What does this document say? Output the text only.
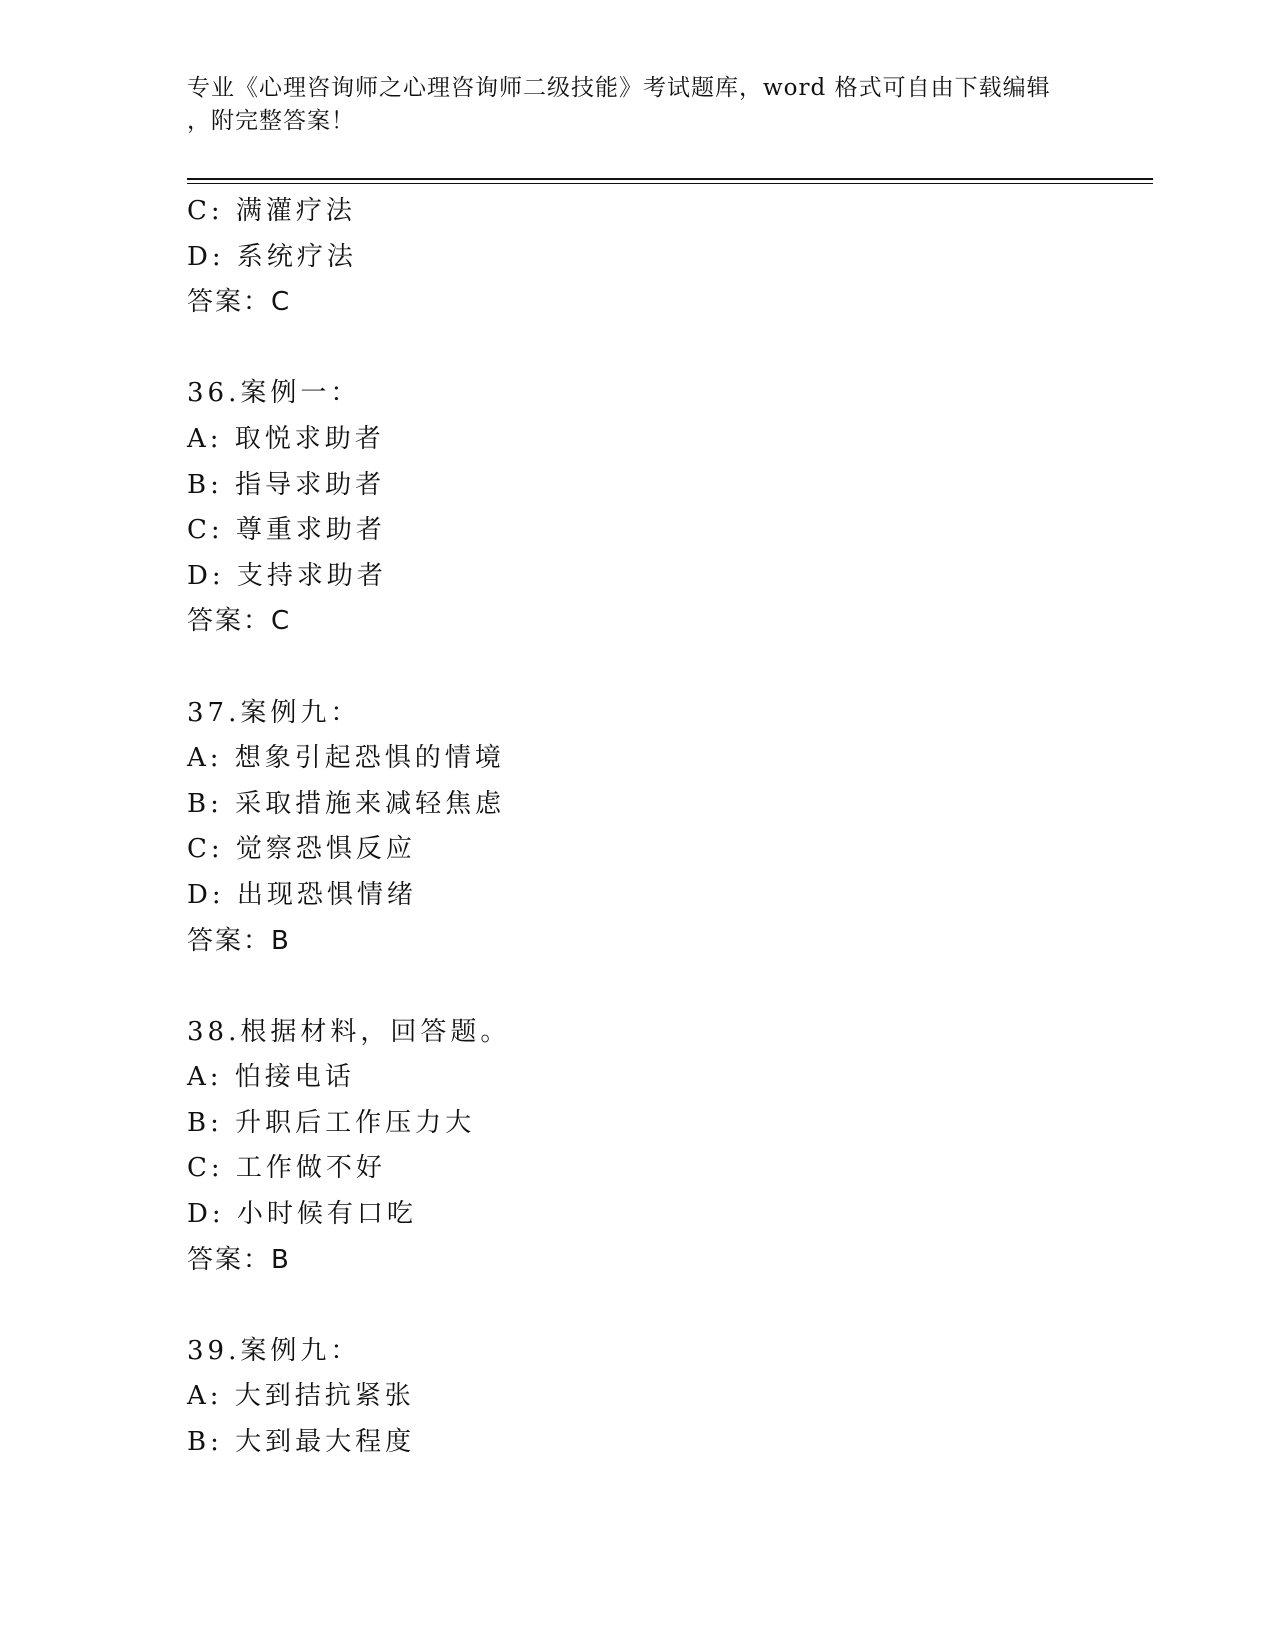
专业《心理咨询师之心理咨询师二级技能》考试题库，word 格式可自由下载编辑
，附完整答案！
C: 满灌疗法
D: 系统疗法
答案：C
36.案例一：
A: 取悦求助者
B: 指导求助者
C: 尊重求助者
D: 支持求助者
答案：C
37.案例九：
A: 想象引起恐惧的情境
B: 采取措施来减轻焦虑
C: 觉察恐惧反应
D: 出现恐惧情绪
答案：B
38.根据材料，回答题。
A: 怕接电话
B: 升职后工作压力大
C: 工作做不好
D: 小时候有口吃
答案：B
39.案例九：
A: 大到拮抗紧张
B: 大到最大程度
